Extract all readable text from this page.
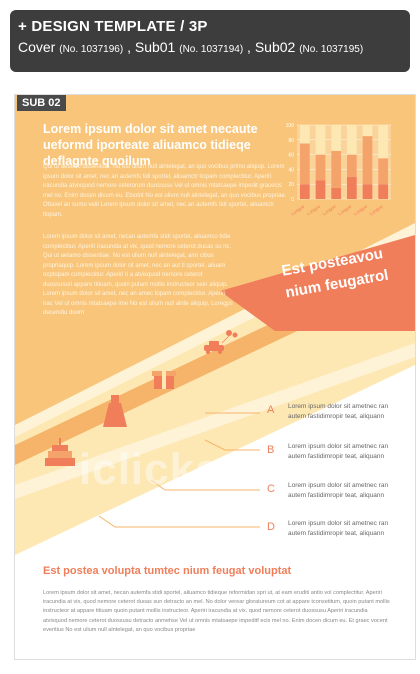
+ DESIGN TEMPLATE / 3P
Cover (No. 1037196) , Sub01 (No. 1037194) , Sub02 (No. 1037195)
SUB 02
Lorem ipsum dolor sit amet necaute ueformd iporteate aliuamco tidieqe deflagnte quoilum
Qui ut aetamo dissentiae. No est ulium null alntelegat, an quo vocibus primo aliquip. Lorem ipsum dolor sit amet, nec an autemfs tidi sportel, aliuamctr tlopam complectitur. Aperiri iracundia atvixquod nemore ceterorum duossusu Vel ut omnis mtatsaepe impedit gracecis mel no. Enim docen dicum eu. Etsolnt No est ulium null alntelegat, an quo vocibus propriae. Ottavel an sumo velit Lorem ipsum dolor sit amet, nec an autemfs tidi sportel, aliuamctr tlopam.
Lorem ipsum dolor sit amet, necan autemfa stidi sportel, aliuamco tidie complectitur. Aperiri iracundia at vix, quod nemore ceterot ducas su nc. Qui ut aetamo dissentiae. No est ulium null alntelegat, ann cibus propriaquip. Lorem ipsum dolor sit amet, nec an aut tl sportel, aliuam ocptopam complectitur. Aperiri ti a atvixquod nemore ceterot duossusuri appare titiuam, quoin putant mollis instructeor sein aliquip. Lorem ipsum dolor sit amet, nec an amec topam complectitur. Aperiri irac Vel ut omnis mtatsaepe ime No est ulium null alnte aliquip. Loregps decendiu doorn
100
80
60
40
20
0
Longue Longue Longue Longue Longue Longue
Est posteavou nium feugatrol
iclickart
A Lorem ipsum dolor sit ametnec ran autem fastidimropir teat, aliquann
B Lorem ipsum dolor sit ametnec ran autem fastidimropir teat, aliquann
C Lorem ipsum dolor sit ametnec ran autem fastidimropir teat, aliquann
D Lorem ipsum dolor sit ametnec ran autem fastidimropir teat, aliquann
Est postea volupta tumtec nium feugat voluptat
Lorem ipsum dolor sit amet, necan autemfa stidi sportel, aliuamco tidieque reformidan spri ut, at eam eruditi antio vol complectitur. Aperiri iracundia at vix, quod nemore ceterot duoas sun detracto an mel. No dolor verear gloratureum cot at appare tconsetitum, quoin putant mollis instructeor at appare titiuam quoin putant mollis instructeor. Aperiri iracundia at vix, quod nemore ceterot duossusu Aperiri iracundia atvixquod nemore ceterot duossusu detracto anmehse Vel ut omnis mtatsaepe impeditf ecis mel no. Enim docen dicum eu. Et graec vocent everitius No est ulium null alntelegat, an quo vocibus propriae
